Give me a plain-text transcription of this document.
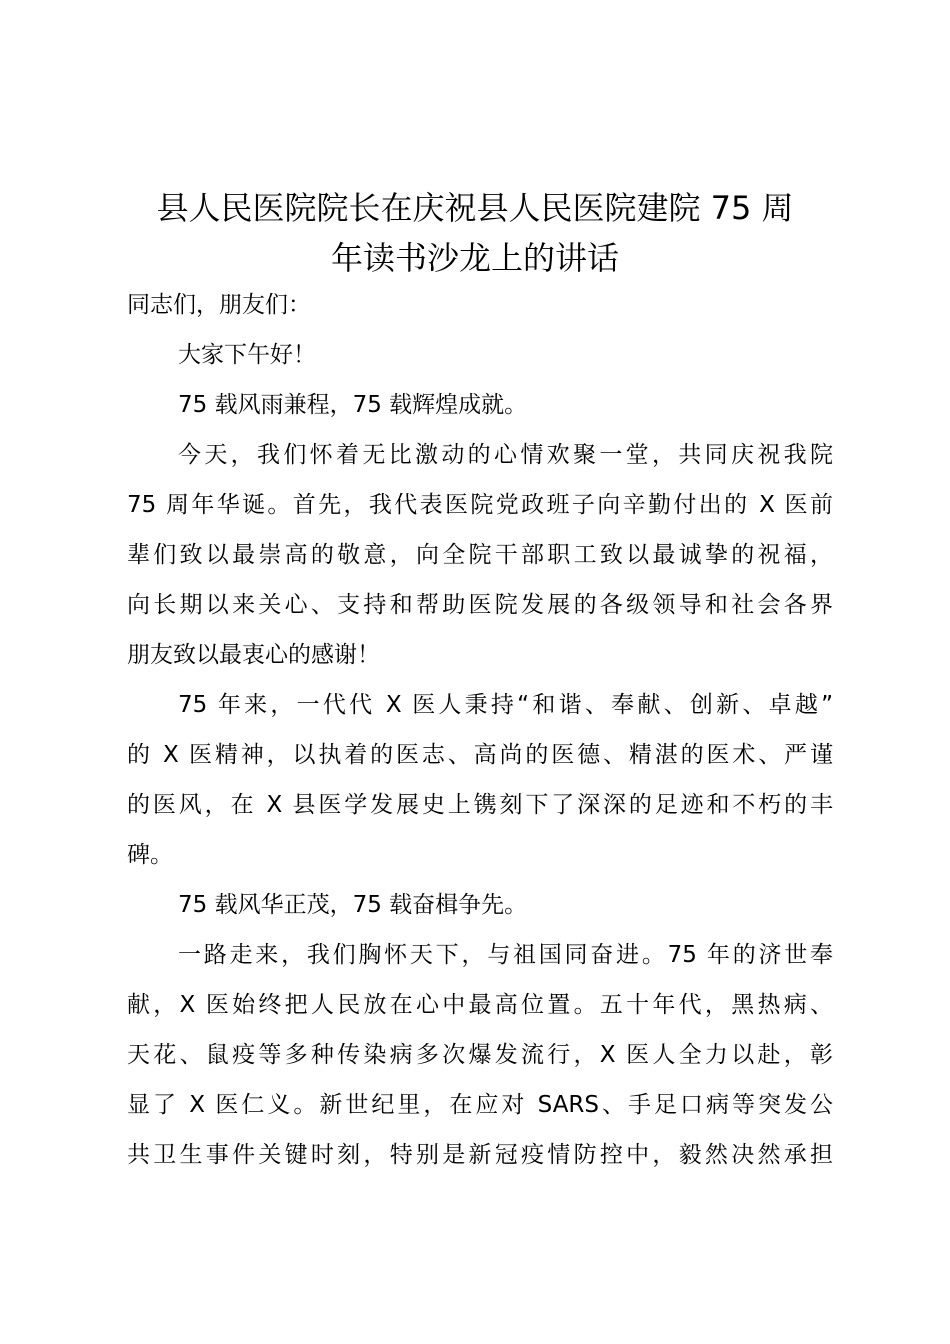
县人民医院院长在庆祝县人民医院建院 75 周
年读书沙龙上的讲话
同志们，朋友们：
大家下午好！
75 载风雨兼程，75 载辉煌成就。
今天，我们怀着无比激动的心情欢聚一堂，共同庆祝我院
75 周年华诞。首先，我代表医院党政班子向辛勤付出的 X 医前
辈们致以最崇高的敬意，向全院干部职工致以最诚挚的祝福，
向长期以来关心、支持和帮助医院发展的各级领导和社会各界
朋友致以最衷心的感谢！
75 年来，一代代 X 医人秉持“和谐、奉献、创新、卓越”
的 X 医精神，以执着的医志、高尚的医德、精湛的医术、严谨
的医风，在 X 县医学发展史上镌刻下了深深的足迹和不朽的丰
碑。
75 载风华正茂，75 载奋楫争先。
一路走来，我们胸怀天下，与祖国同奋进。75 年的济世奉
献，X 医始终把人民放在心中最高位置。五十年代，黑热病、
天花、鼠疫等多种传染病多次爆发流行，X 医人全力以赴，彰
显了 X 医仁义。新世纪里，在应对 SARS、手足口病等突发公
共卫生事件关键时刻，特别是新冠疫情防控中，毅然决然承担
